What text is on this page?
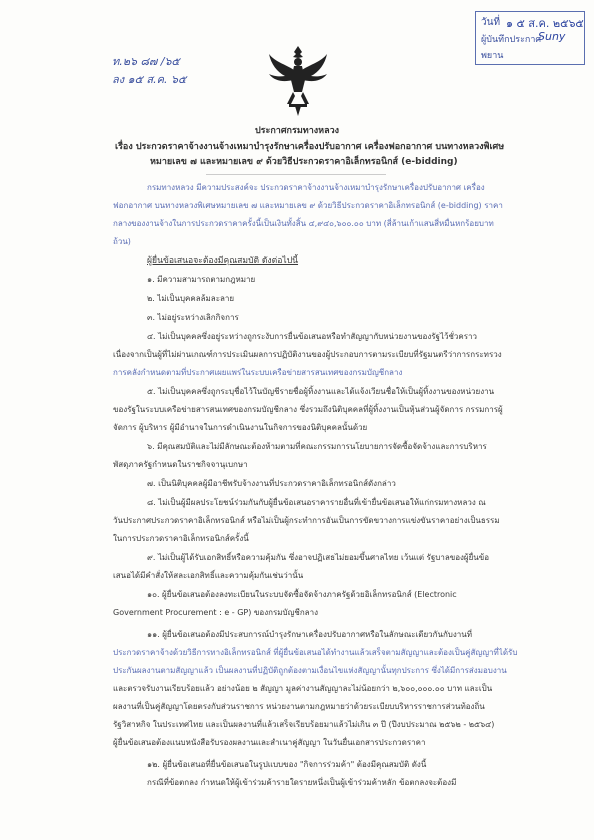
วันที่ ๑ ๕ ส.ค. ๒๕๖๕
ผู้บันทึกประกาศ
Suny
พยาน
ท.๒๖ ๘๗ /๖๕
ลง ๑๕ ส.ค. ๖๕
ประกาศกรมทางหลวง
เรื่อง ประกวดราคาจ้างงานจ้างเหมาบำรุงรักษาเครื่องปรับอากาศ เครื่องฟอกอากาศ บนทางหลวงพิเศษ
หมายเลข ๗ และหมายเลข ๙ ด้วยวิธีประกวดราคาอิเล็กทรอนิกส์ (e-bidding)
กรมทางหลวง มีความประสงค์จะ ประกวดราคาจ้างงานจ้างเหมาบำรุงรักษาเครื่องปรับอากาศ เครื่อง
ฟอกอากาศ บนทางหลวงพิเศษหมายเลข ๗ และหมายเลข ๙ ด้วยวิธีประกวดราคาอิเล็กทรอนิกส์ (e-bidding) ราคา
กลางของงานจ้างในการประกวดราคาครั้งนี้เป็นเงินทั้งสิ้น ๔,๙๔๐,๖๐๐.๐๐ บาท (สี่ล้านเก้าแสนสี่หมื่นหกร้อยบาท
ถ้วน)
ผู้ยื่นข้อเสนอจะต้องมีคุณสมบัติ ดังต่อไปนี้
๑. มีความสามารถตามกฎหมาย
๒. ไม่เป็นบุคคลล้มละลาย
๓. ไม่อยู่ระหว่างเลิกกิจการ
๔. ไม่เป็นบุคคลซึ่งอยู่ระหว่างถูกระงับการยื่นข้อเสนอหรือทำสัญญากับหน่วยงานของรัฐไว้ชั่วคราว
เนื่องจากเป็นผู้ที่ไม่ผ่านเกณฑ์การประเมินผลการปฏิบัติงานของผู้ประกอบการตามระเบียบที่รัฐมนตรีว่าการกระทรวง
การคลังกำหนดตามที่ประกาศเผยแพร่ในระบบเครือข่ายสารสนเทศของกรมบัญชีกลาง
๕. ไม่เป็นบุคคลซึ่งถูกระบุชื่อไว้ในบัญชีรายชื่อผู้ทิ้งงานและได้แจ้งเวียนชื่อให้เป็นผู้ทิ้งงานของหน่วยงาน
ของรัฐในระบบเครือข่ายสารสนเทศของกรมบัญชีกลาง ซึ่งรวมถึงนิติบุคคลที่ผู้ทิ้งงานเป็นหุ้นส่วนผู้จัดการ กรรมการผู้
จัดการ ผู้บริหาร ผู้มีอำนาจในการดำเนินงานในกิจการของนิติบุคคลนั้นด้วย
๖. มีคุณสมบัติและไม่มีลักษณะต้องห้ามตามที่คณะกรรมการนโยบายการจัดซื้อจัดจ้างและการบริหาร
พัสดุภาครัฐกำหนดในราชกิจจานุเบกษา
๗. เป็นนิติบุคคลผู้มีอาชีพรับจ้างงานที่ประกวดราคาอิเล็กทรอนิกส์ดังกล่าว
๘. ไม่เป็นผู้มีผลประโยชน์ร่วมกันกับผู้ยื่นข้อเสนอราคารายอื่นที่เข้ายื่นข้อเสนอให้แก่กรมทางหลวง ณ
วันประกาศประกวดราคาอิเล็กทรอนิกส์ หรือไม่เป็นผู้กระทำการอันเป็นการขัดขวางการแข่งขันราคาอย่างเป็นธรรม
ในการประกวดราคาอิเล็กทรอนิกส์ครั้งนี้
๙. ไม่เป็นผู้ได้รับเอกสิทธิ์หรือความคุ้มกัน ซึ่งอาจปฏิเสธไม่ยอมขึ้นศาลไทย เว้นแต่ รัฐบาลของผู้ยื่นข้อ
เสนอได้มีคำสั่งให้สละเอกสิทธิ์และความคุ้มกันเช่นว่านั้น
๑๐. ผู้ยื่นข้อเสนอต้องลงทะเบียนในระบบจัดซื้อจัดจ้างภาครัฐด้วยอิเล็กทรอนิกส์ (Electronic
Government Procurement : e - GP) ของกรมบัญชีกลาง
๑๑. ผู้ยื่นข้อเสนอต้องมีประสบการณ์บำรุงรักษาเครื่องปรับอากาศหรือในลักษณะเดียวกันกับงานที่
ประกวดราคาจ้างด้วยวิธีการทางอิเล็กทรอนิกส์ ที่ผู้ยื่นข้อเสนอได้ทำงานแล้วเสร็จตามสัญญาและต้องเป็นคู่สัญญาที่ได้รับ
ประกันผลงานตามสัญญาแล้ว เป็นผลงานที่ปฏิบัติถูกต้องตามเงื่อนไขแห่งสัญญานั้นทุกประการ ซึ่งได้มีการส่งมอบงาน
และตรวจรับงานเรียบร้อยแล้ว อย่างน้อย ๒ สัญญา มูลค่างานสัญญาละไม่น้อยกว่า ๒,๖๐๐,๐๐๐.๐๐ บาท และเป็น
ผลงานที่เป็นคู่สัญญาโดยตรงกับส่วนราชการ หน่วยงานตามกฎหมายว่าด้วยระเบียบบริหารราชการส่วนท้องถิ่น
รัฐวิสาหกิจ ในประเทศไทย และเป็นผลงานที่แล้วเสร็จเรียบร้อยมาแล้วไม่เกิน ๓ ปี (ปีงบประมาณ ๒๕๖๒ - ๒๕๖๔)
ผู้ยื่นข้อเสนอต้องแนบหนังสือรับรองผลงานและสำเนาคู่สัญญา ในวันยื่นเอกสารประกวดราคา
๑๒. ผู้ยื่นข้อเสนอที่ยื่นข้อเสนอในรูปแบบของ "กิจการร่วมค้า" ต้องมีคุณสมบัติ ดังนี้
กรณีที่ข้อตกลง กำหนดให้ผู้เข้าร่วมค้ารายใดรายหนึ่งเป็นผู้เข้าร่วมค้าหลัก ข้อตกลงจะต้องมี
